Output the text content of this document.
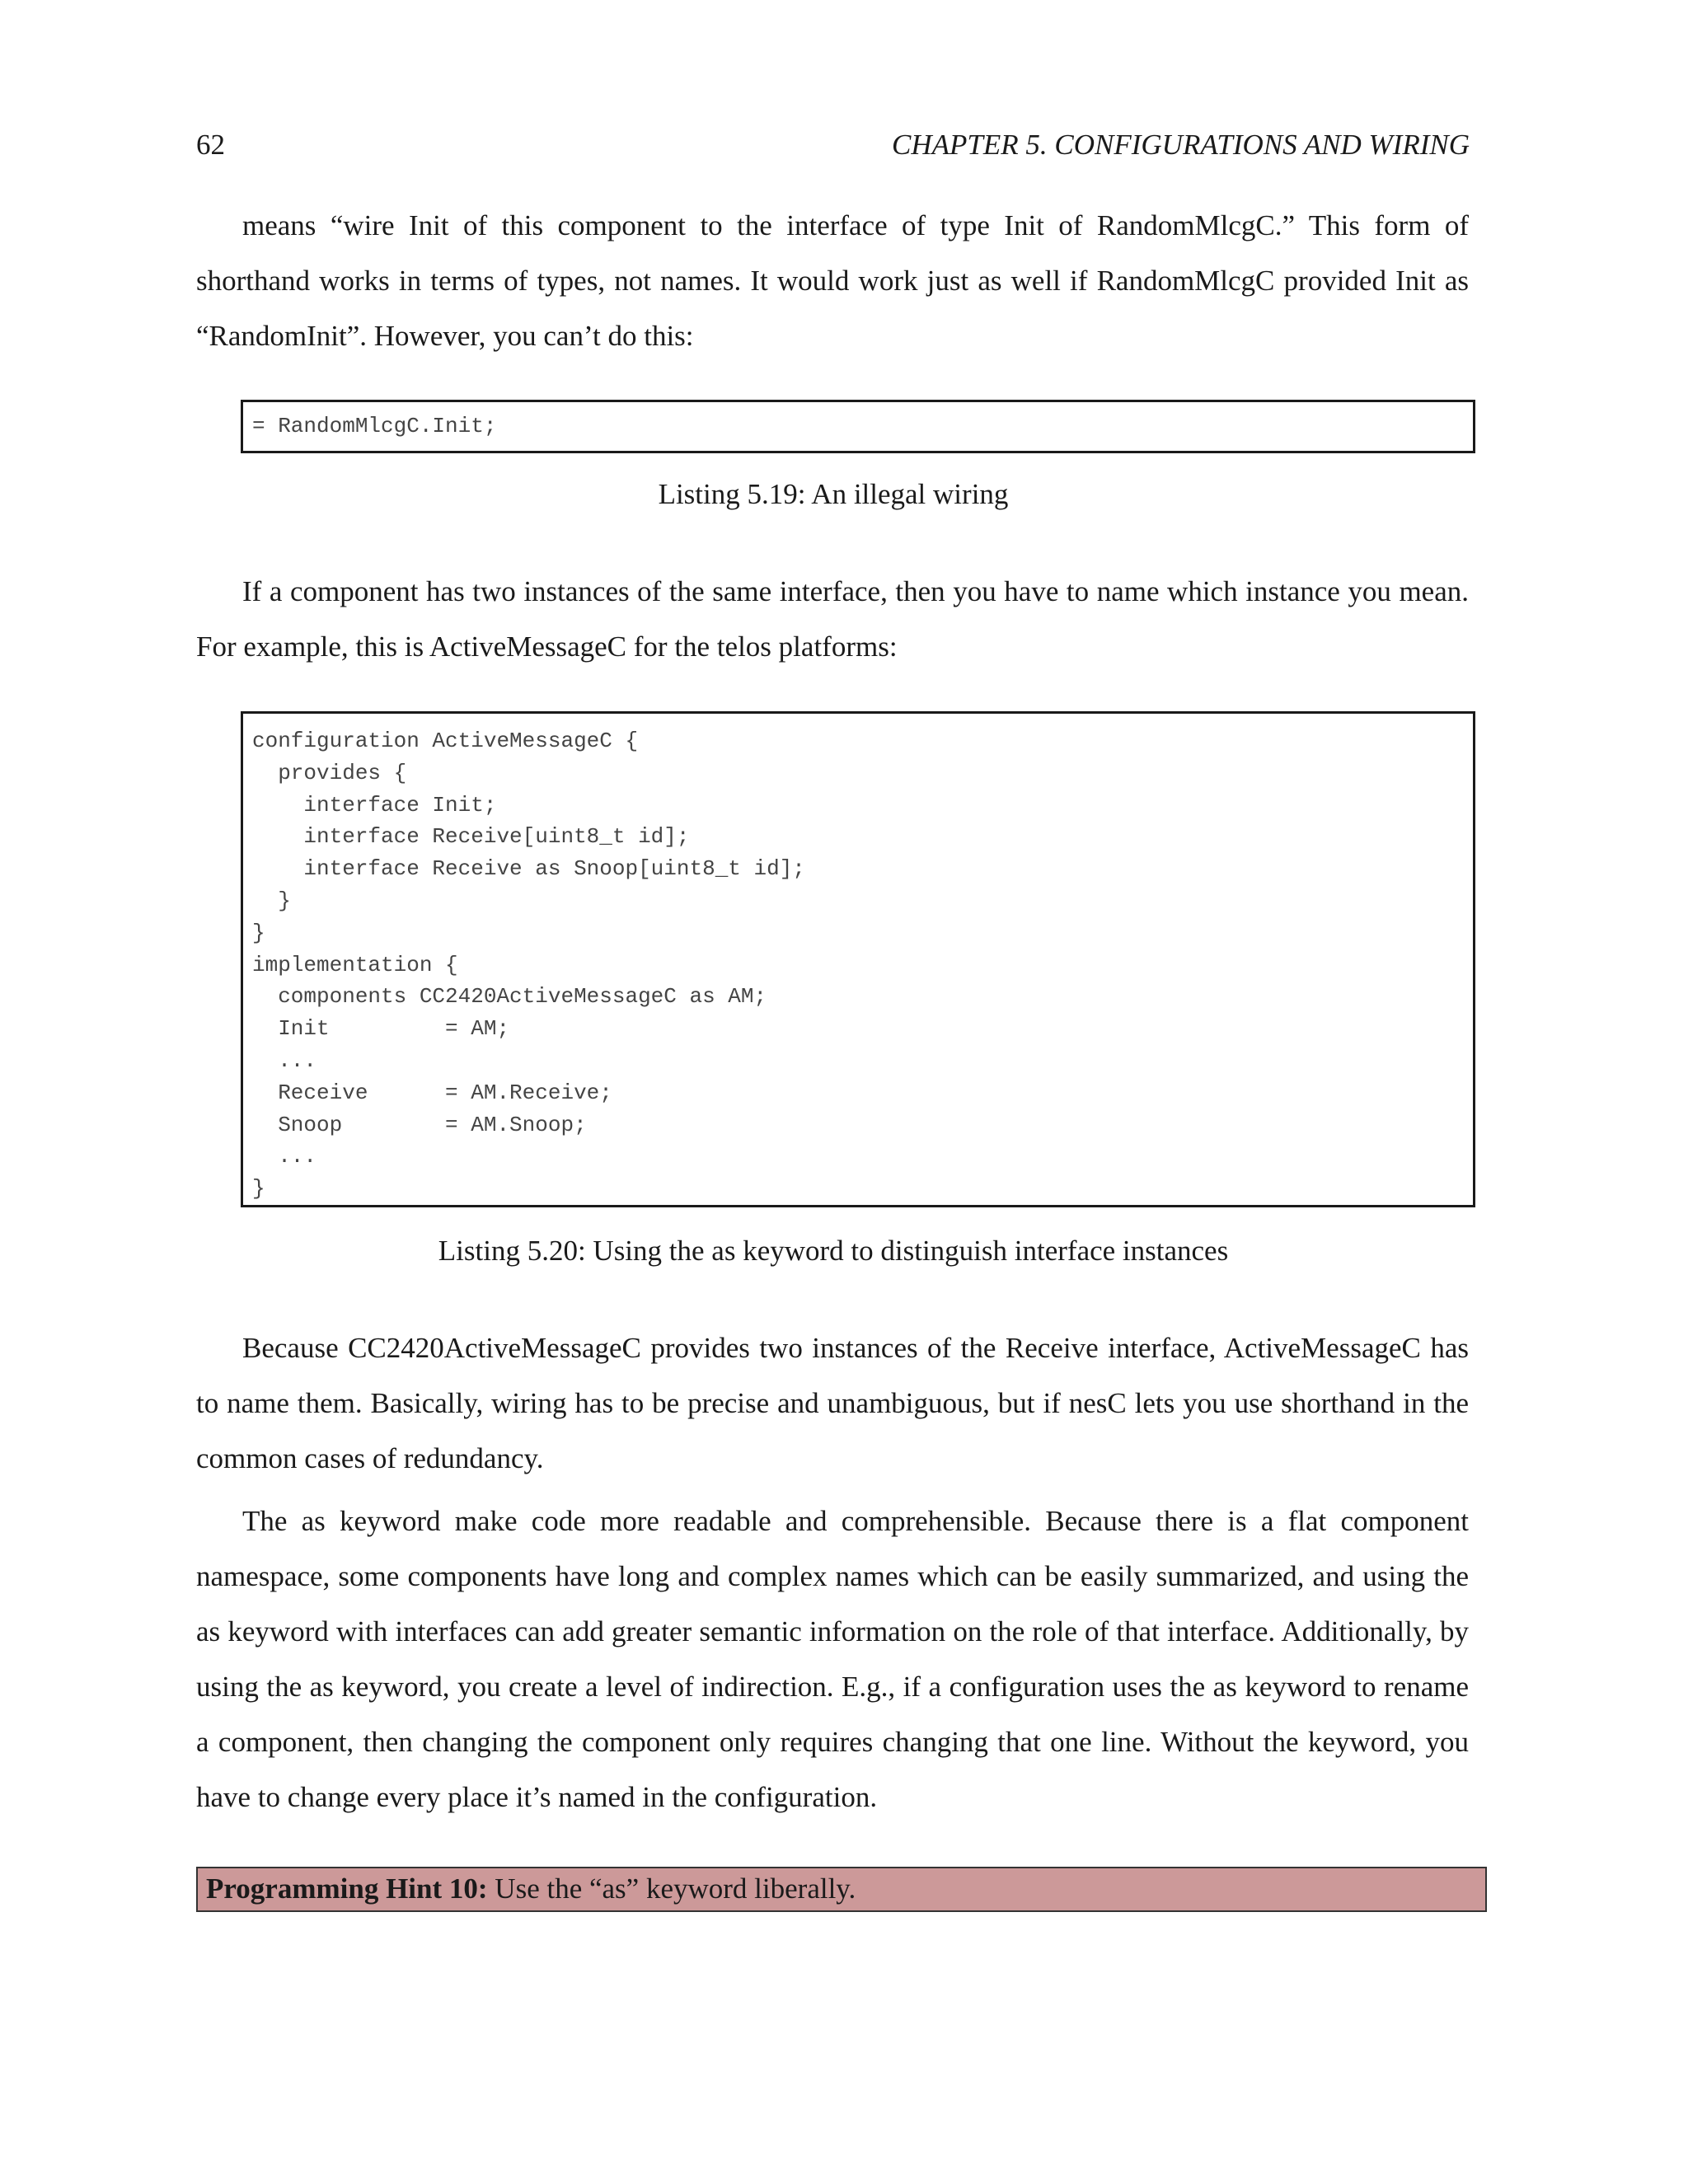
62	CHAPTER 5. CONFIGURATIONS AND WIRING

means “wire Init of this component to the interface of type Init of RandomMlcgC.” This form of shorthand works in terms of types, not names. It would work just as well if RandomMlcgC provided Init as “RandomInit”. However, you can’t do this:

= RandomMlcgC.Init;
Listing 5.19: An illegal wiring

If a component has two instances of the same interface, then you have to name which instance you mean. For example, this is ActiveMessageC for the telos platforms:

configuration ActiveMessageC {
provides {
interface Init;
interface Receive[uint8_t id];
interface Receive as Snoop[uint8_t id];
}
}
implementation {
components CC2420ActiveMessageC as AM;
Init         = AM;
...
Receive      = AM.Receive;
Snoop        = AM.Snoop;
...
}
Listing 5.20: Using the as keyword to distinguish interface instances

Because CC2420ActiveMessageC provides two instances of the Receive interface, ActiveMessageC has to name them. Basically, wiring has to be precise and unambiguous, but if nesC lets you use shorthand in the common cases of redundancy.

The as keyword make code more readable and comprehensible. Because there is a flat component namespace, some components have long and complex names which can be easily summarized, and using the as keyword with interfaces can add greater semantic information on the role of that interface. Additionally, by using the as keyword, you create a level of indirection. E.g., if a configuration uses the as keyword to rename a component, then changing the component only requires changing that one line. Without the keyword, you have to change every place it’s named in the configuration.

Programming Hint 10: Use the “as” keyword liberally.
